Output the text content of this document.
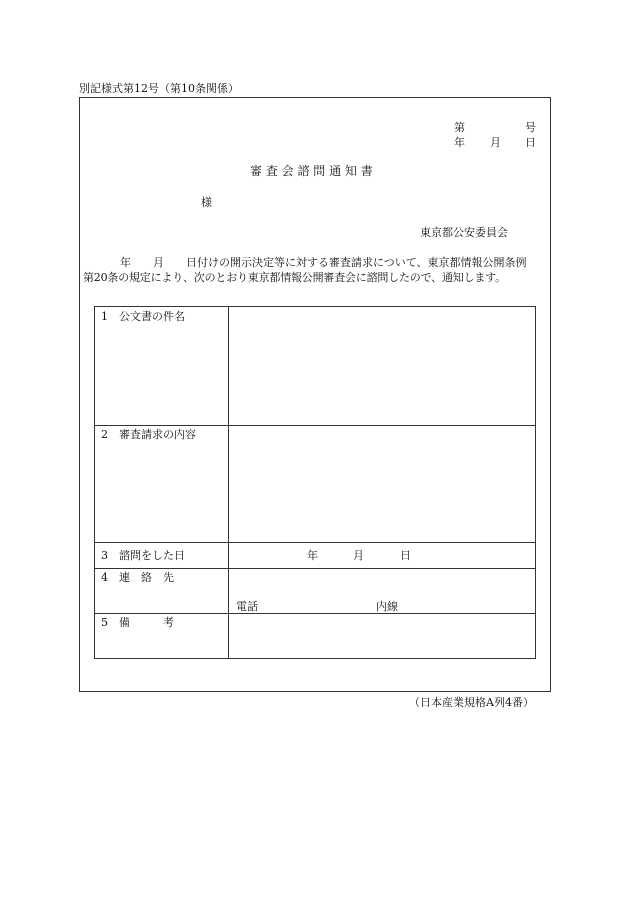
別記様式第12号（第10条関係）
第	号
年 月 日
審 査 会 諮 問 通 知 書
様
東京都公安委員会
年　　月　　日付けの開示決定等に対する審査請求について、東京都情報公開条例
第20条の規定により、次のとおり東京都情報公開審査会に諮問したので、通知します。
1　公文書の件名
2　審査請求の内容
3　諮問をした日	年	月	日
4　連　絡　先
電話	内線
5　備　　　考
（日本産業規格A列4番）
